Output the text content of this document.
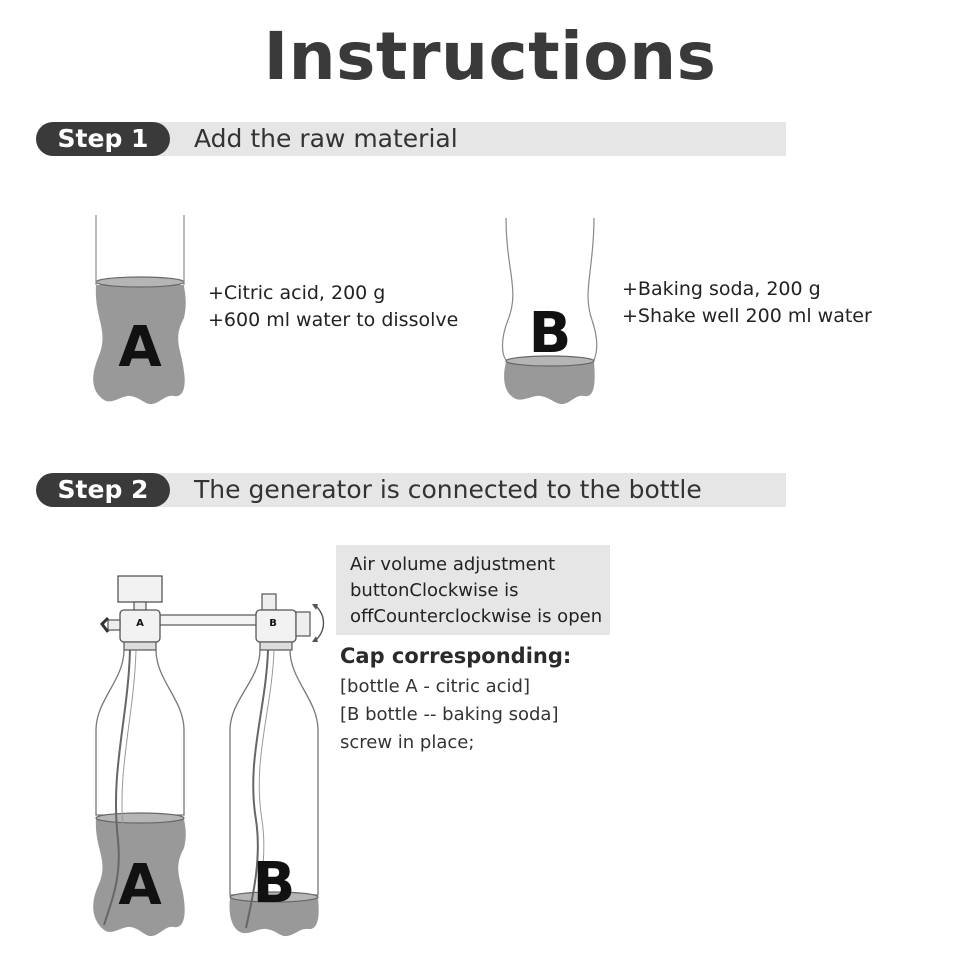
Instructions
Step 1	Add the raw material
A	B
+Citric acid, 200 g
+600 ml water to dissolve
+Baking soda, 200 g
+Shake well 200 ml water
Step 2	The generator is connected to the bottle
A	B
A B
Air volume adjustment
buttonClockwise is
offCounterclockwise is open
Cap corresponding:
[bottle A - citric acid]
[B bottle -- baking soda]
screw in place;
